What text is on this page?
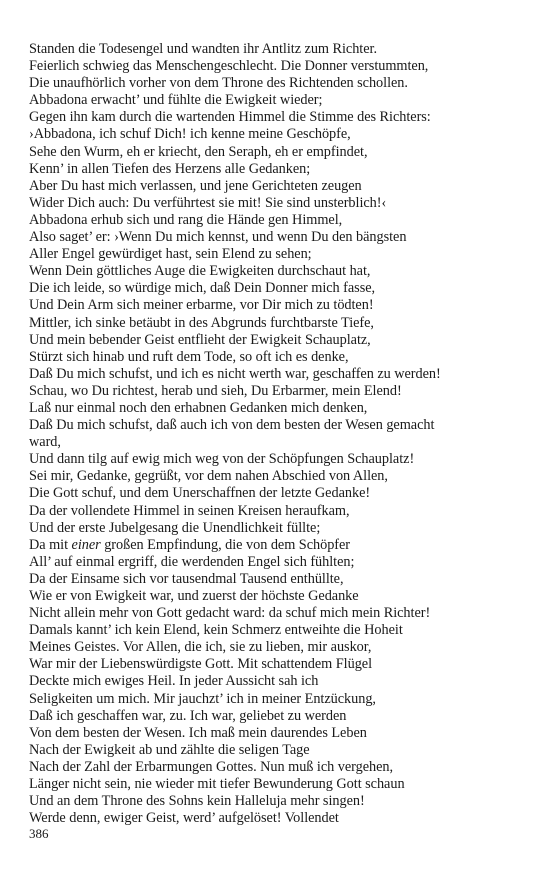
Standen die Todesengel und wandten ihr Antlitz zum Richter.
Feierlich schwieg das Menschengeschlecht. Die Donner verstummten,
Die unaufhörlich vorher von dem Throne des Richtenden schollen.
Abbadona erwacht’ und fühlte die Ewigkeit wieder;
Gegen ihn kam durch die wartenden Himmel die Stimme des Richters:
›Abbadona, ich schuf Dich! ich kenne meine Geschöpfe,
Sehe den Wurm, eh er kriecht, den Seraph, eh er empfindet,
Kenn’ in allen Tiefen des Herzens alle Gedanken;
Aber Du hast mich verlassen, und jene Gerichteten zeugen
Wider Dich auch: Du verführtest sie mit! Sie sind unsterblich!‹
Abbadona erhub sich und rang die Hände gen Himmel,
Also saget’ er: ›Wenn Du mich kennst, und wenn Du den bängsten
Aller Engel gewürdiget hast, sein Elend zu sehen;
Wenn Dein göttliches Auge die Ewigkeiten durchschaut hat,
Die ich leide, so würdige mich, daß Dein Donner mich fasse,
Und Dein Arm sich meiner erbarme, vor Dir mich zu tödten!
Mittler, ich sinke betäubt in des Abgrunds furchtbarste Tiefe,
Und mein bebender Geist entflieht der Ewigkeit Schauplatz,
Stürzt sich hinab und ruft dem Tode, so oft ich es denke,
Daß Du mich schufst, und ich es nicht werth war, geschaffen zu werden!
Schau, wo Du richtest, herab und sieh, Du Erbarmer, mein Elend!
Laß nur einmal noch den erhabnen Gedanken mich denken,
Daß Du mich schufst, daß auch ich von dem besten der Wesen gemacht
ward,
Und dann tilg auf ewig mich weg von der Schöpfungen Schauplatz!
Sei mir, Gedanke, gegrüßt, vor dem nahen Abschied von Allen,
Die Gott schuf, und dem Unerschaffnen der letzte Gedanke!
Da der vollendete Himmel in seinen Kreisen heraufkam,
Und der erste Jubelgesang die Unendlichkeit füllte;
Da mit einer großen Empfindung, die von dem Schöpfer
All’ auf einmal ergriff, die werdenden Engel sich fühlten;
Da der Einsame sich vor tausendmal Tausend enthüllte,
Wie er von Ewigkeit war, und zuerst der höchste Gedanke
Nicht allein mehr von Gott gedacht ward: da schuf mich mein Richter!
Damals kannt’ ich kein Elend, kein Schmerz entweihte die Hoheit
Meines Geistes. Vor Allen, die ich, sie zu lieben, mir auskor,
War mir der Liebenswürdigste Gott. Mit schattendem Flügel
Deckte mich ewiges Heil. In jeder Aussicht sah ich
Seligkeiten um mich. Mir jauchzt’ ich in meiner Entzückung,
Daß ich geschaffen war, zu. Ich war, geliebet zu werden
Von dem besten der Wesen. Ich maß mein daurendes Leben
Nach der Ewigkeit ab und zählte die seligen Tage
Nach der Zahl der Erbarmungen Gottes. Nun muß ich vergehen,
Länger nicht sein, nie wieder mit tiefer Bewunderung Gott schaun
Und an dem Throne des Sohns kein Halleluja mehr singen!
Werde denn, ewiger Geist, werd’ aufgelöset! Vollendet
386
